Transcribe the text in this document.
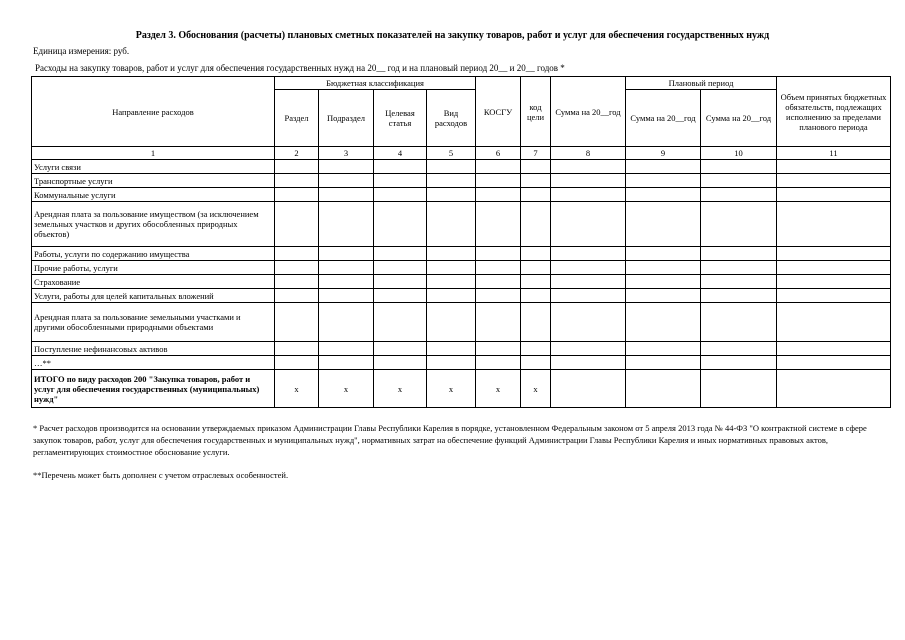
Раздел 3. Обоснования (расчеты) плановых сметных показателей на закупку товаров, работ и услуг для обеспечения государственных нужд
Единица измерения: руб.
Расходы на закупку товаров, работ и услуг для обеспечения государственных нужд на 20__ год и на плановый период 20__ и 20__ годов *
Направление расходов	Бюджетная классификация				КОСГУ	код цели	Сумма на 20__год	Плановый период		Объем принятых бюджетных обязательств, подлежащих исполнению за пределами планового периода
	Раздел	Подраздел	Целевая статья	Вид расходов				Сумма на 20__год	Сумма на 20__год	
1	2	3	4	5	6	7	8	9	10	11
Услуги связи										
Транспортные услуги										
Коммунальные услуги										
Арендная плата за пользование имуществом (за исключением земельных участков и других обособленных природных объектов)										
Работы, услуги по содержанию имущества										
Прочие работы, услуги										
Страхование										
Услуги, работы для целей капитальных вложений										
Арендная плата за пользование земельными участками и другими обособленными природными объектами										
Поступление нефинансовых активов										
…**										
ИТОГО по виду расходов 200 "Закупка товаров, работ и услуг для обеспечения государственных (муниципальных) нужд"	х	х	х	х	х	х				
* Расчет расходов производится на основании утверждаемых приказом Администрации Главы Республики Карелия в порядке, установленном Федеральным законом от 5 апреля 2013 года № 44-ФЗ "О контрактной системе в сфере закупок товаров, работ, услуг для обеспечения государственных и муниципальных нужд", нормативных затрат на обеспечение функций Администрации Главы Республики Карелия и иных нормативных правовых актов, регламентирующих стоимостное обоснование услуги.
**Перечень может быть дополнен с учетом отраслевых особенностей.
